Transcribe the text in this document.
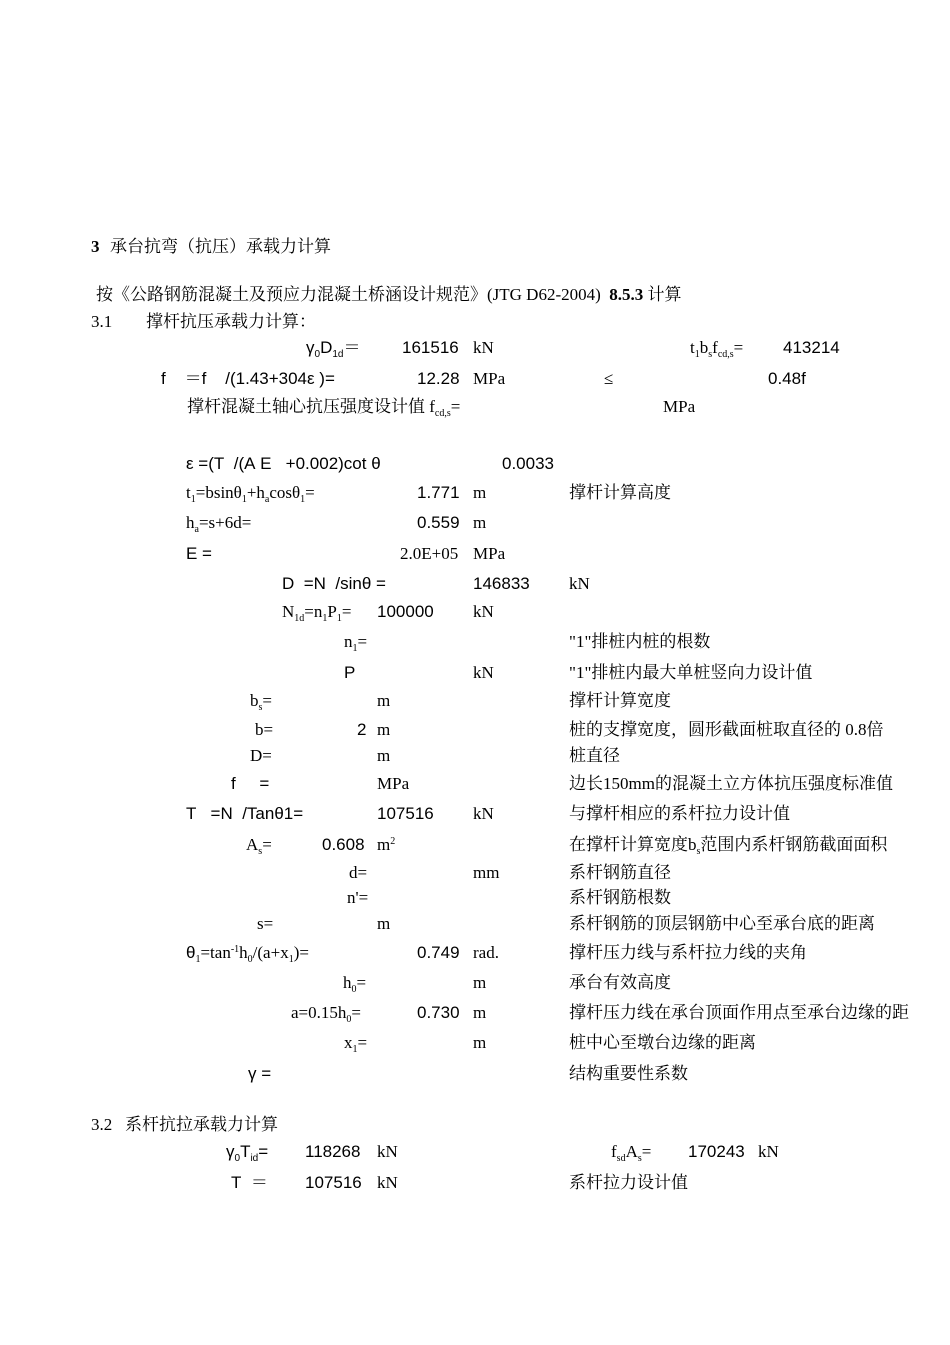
3 承台抗弯（抗压）承载力计算
按《公路钢筋混凝土及预应力混凝土桥涵设计规范》(JTG D62-2004) 8.5.3 计算
3.1 撑杆抗压承载力计算：
$\gamma_0D_{1d}= 161516$ kN	$t_1b_sf_{cd,s}= 413214$
f    ＝f    /(1.43+304ε )=	12.28 MPa	≤	0.48f
撑杆混凝土轴心抗压强度设计值 $f_{cd,s}=$	MPa
ε =(T  /(A E   +0.002)cot θ	0.0033
$t_1=bsin\theta_1+h_a\cos\theta_1=$	1.771 m	撑杆计算高度
$h_a=s+6d=$	0.559 m
E =	2.0E+05 MPa
D  =N  /sinθ =	146833 kN
$N_{1d}=n_1P_1= 100000$ kN
$n_1=$	"1"排桩内桩的根数
P	kN	"1"排桩内最大单桩竖向力设计值
$b_s=$	m	撑杆计算宽度
b=	2 m	桩的支撑宽度，圆形截面桩取直径的 0.8倍
D=	m	桩直径
f     =	MPa	边长150mm的混凝土立方体抗压强度标准值
T   =N  /Tanθ1=	107516 kN	与撑杆相应的系杆拉力设计值
$A_s=$	0.608 $m^2$	在撑杆计算宽度$b_s$范围内系杆钢筋截面面积
d=	mm	系杆钢筋直径
n'=	系杆钢筋根数
s=	m	系杆钢筋的顶层钢筋中心至承台底的距离
$\theta_1=\tan^{-1}h_0/(a+x_1)=$	0.749 rad.	撑杆压力线与系杆拉力线的夹角
$h_0=$	m	承台有效高度
$a=0.15h_0=$	0.730 m	撑杆压力线在承台顶面作用点至承台边缘的距
$x_1=$	m	桩中心至墩台边缘的距离
γ =	结构重要性系数
3.2 系杆抗拉承载力计算
$\gamma_0T_{id}= 118268$ kN	$f_{sd}A_s= 170243$ kN
T  ＝ 107516 kN	系杆拉力设计值
